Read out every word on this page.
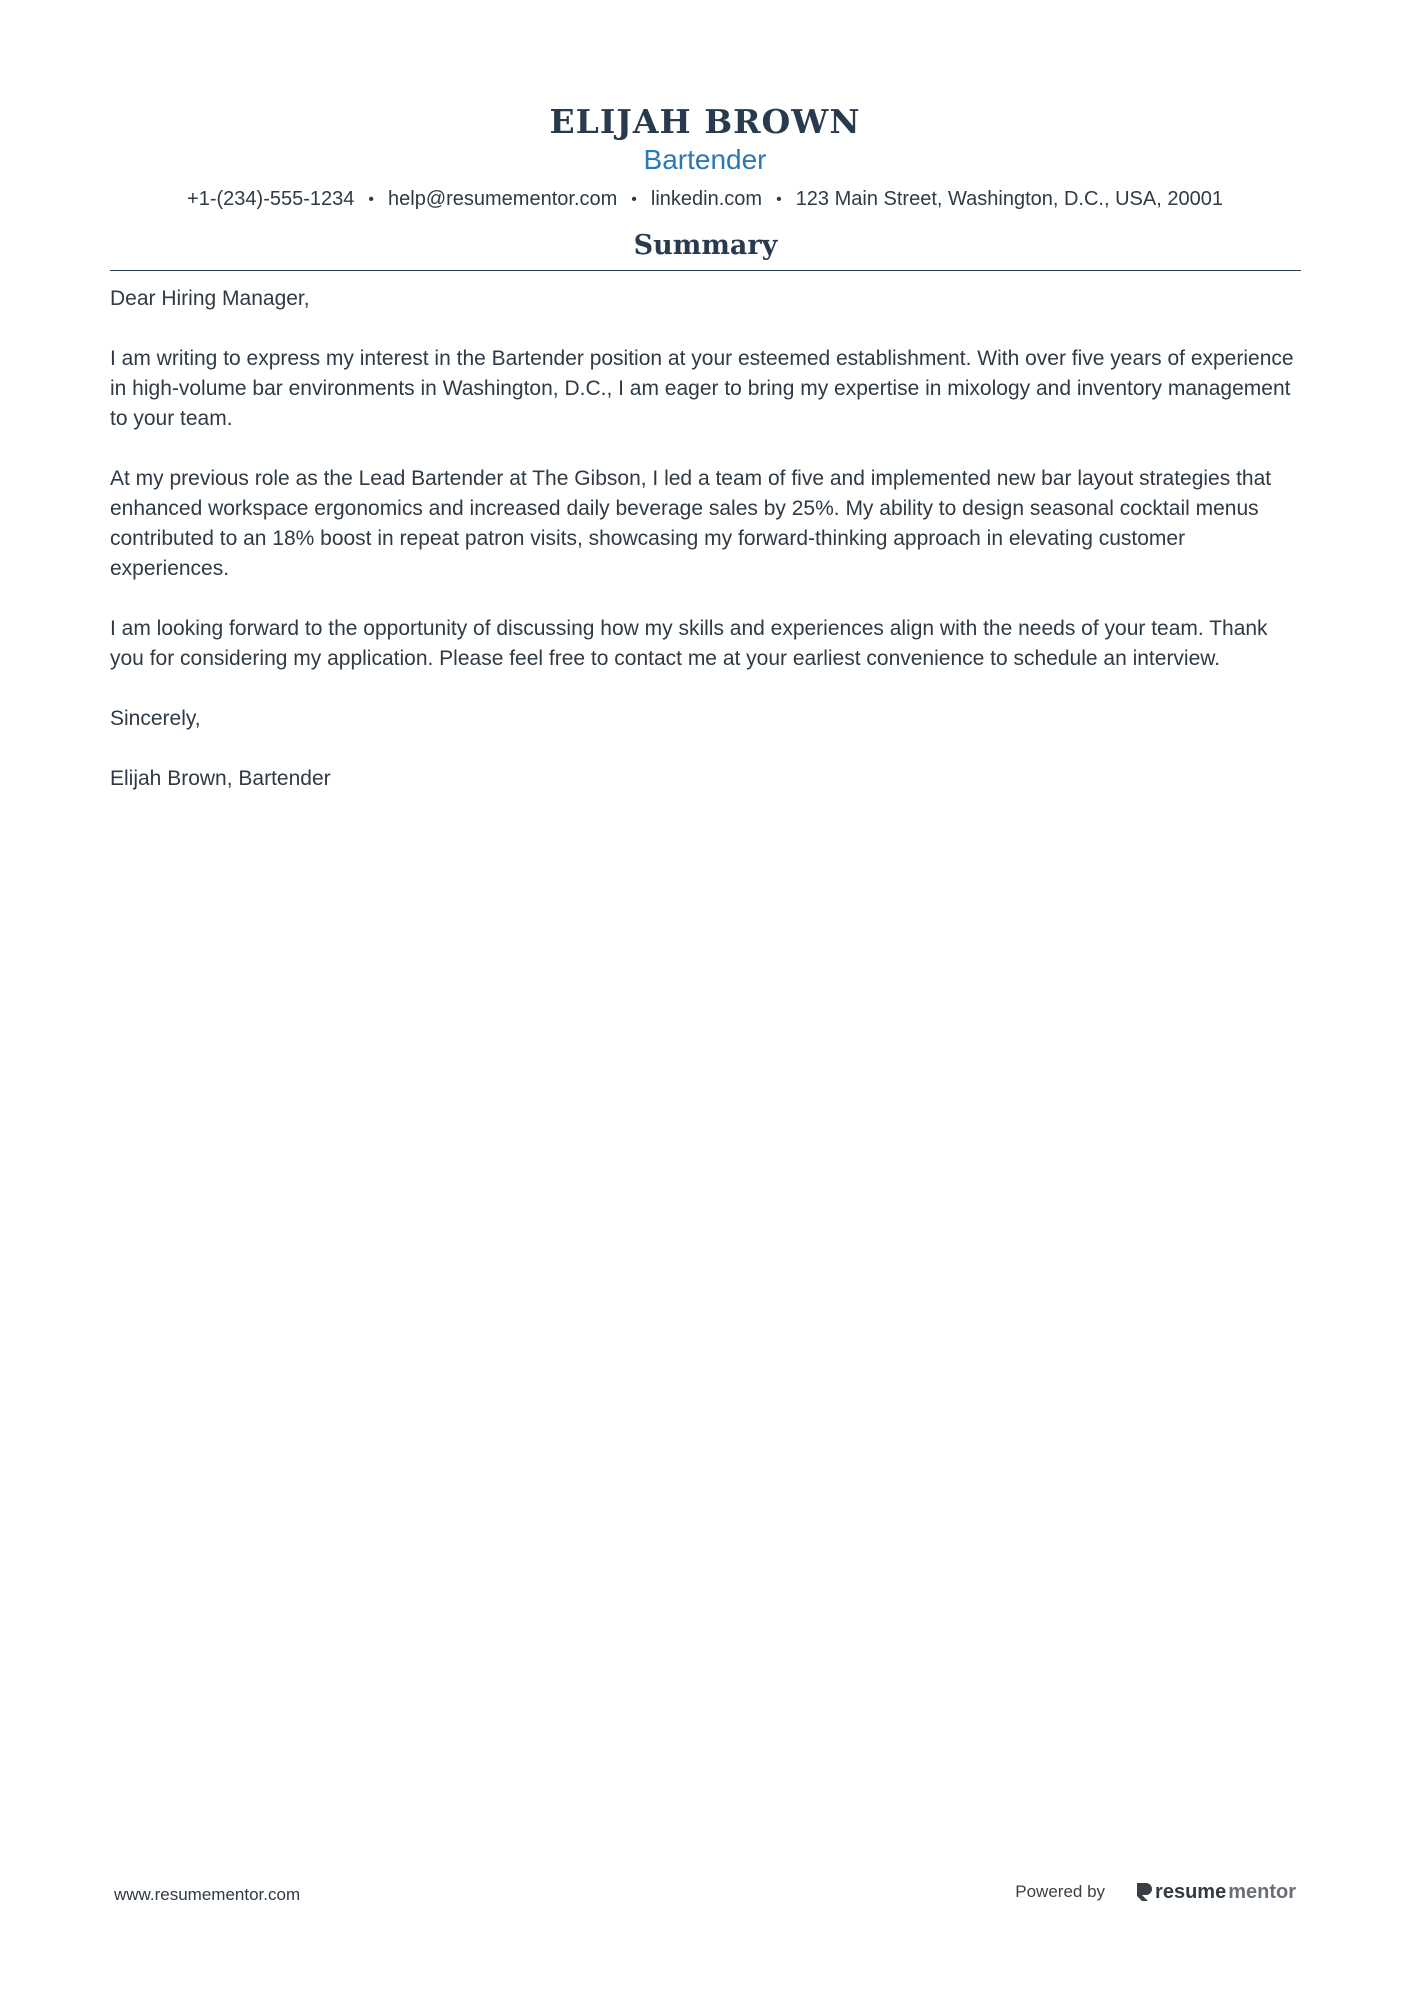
ELIJAH BROWN
Bartender
+1-(234)-555-1234 • help@resumementor.com • linkedin.com • 123 Main Street, Washington, D.C., USA, 20001
Summary

Dear Hiring Manager,

I am writing to express my interest in the Bartender position at your esteemed establishment. With over five years of experience in high-volume bar environments in Washington, D.C., I am eager to bring my expertise in mixology and inventory management to your team.

At my previous role as the Lead Bartender at The Gibson, I led a team of five and implemented new bar layout strategies that enhanced workspace ergonomics and increased daily beverage sales by 25%. My ability to design seasonal cocktail menus contributed to an 18% boost in repeat patron visits, showcasing my forward-thinking approach in elevating customer experiences.

I am looking forward to the opportunity of discussing how my skills and experiences align with the needs of your team. Thank you for considering my application. Please feel free to contact me at your earliest convenience to schedule an interview.

Sincerely,

Elijah Brown, Bartender

www.resumementor.com	Powered by	resume mentor
